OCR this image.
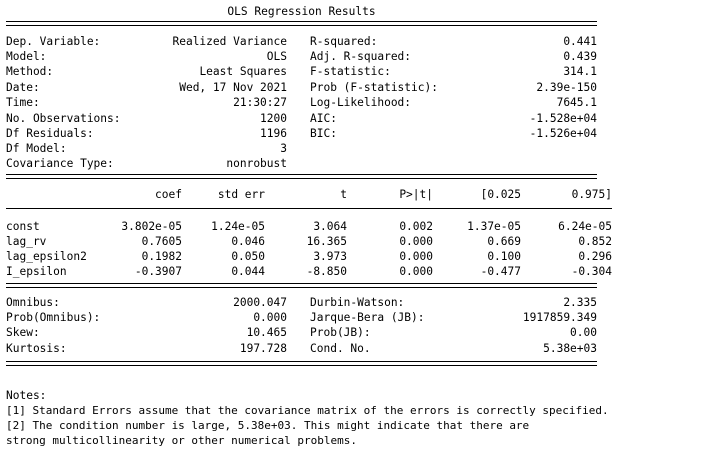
OLS Regression Results
Dep. Variable:	Realized Variance
Model:	OLS
Method:	Least Squares
Date:	Wed, 17 Nov 2021
Time:	21:30:27
No. Observations:	1200
Df Residuals:	1196
Df Model:	3
Covariance Type:	nonrobust
R-squared:	0.441
Adj. R-squared:	0.439
F-statistic:	314.1
Prob (F-statistic):	2.39e-150
Log-Likelihood:	7645.1
AIC:	-1.528e+04
BIC:	-1.526e+04
coef	std err	t	P>|t|	[0.025	0.975]
const	3.802e-05	1.24e-05	3.064	0.002	1.37e-05	6.24e-05
lag_rv	0.7605	0.046	16.365	0.000	0.669	0.852
lag_epsilon2	0.1982	0.050	3.973	0.000	0.100	0.296
I_epsilon	-0.3907	0.044	-8.850	0.000	-0.477	-0.304
Omnibus:	2000.047
Prob(Omnibus):	0.000
Skew:	10.465
Kurtosis:	197.728
Durbin-Watson:	2.335
Jarque-Bera (JB):	1917859.349
Prob(JB):	0.00
Cond. No.	5.38e+03
Notes:
[1] Standard Errors assume that the covariance matrix of the errors is correctly specified.
[2] The condition number is large, 5.38e+03. This might indicate that there are
strong multicollinearity or other numerical problems.
